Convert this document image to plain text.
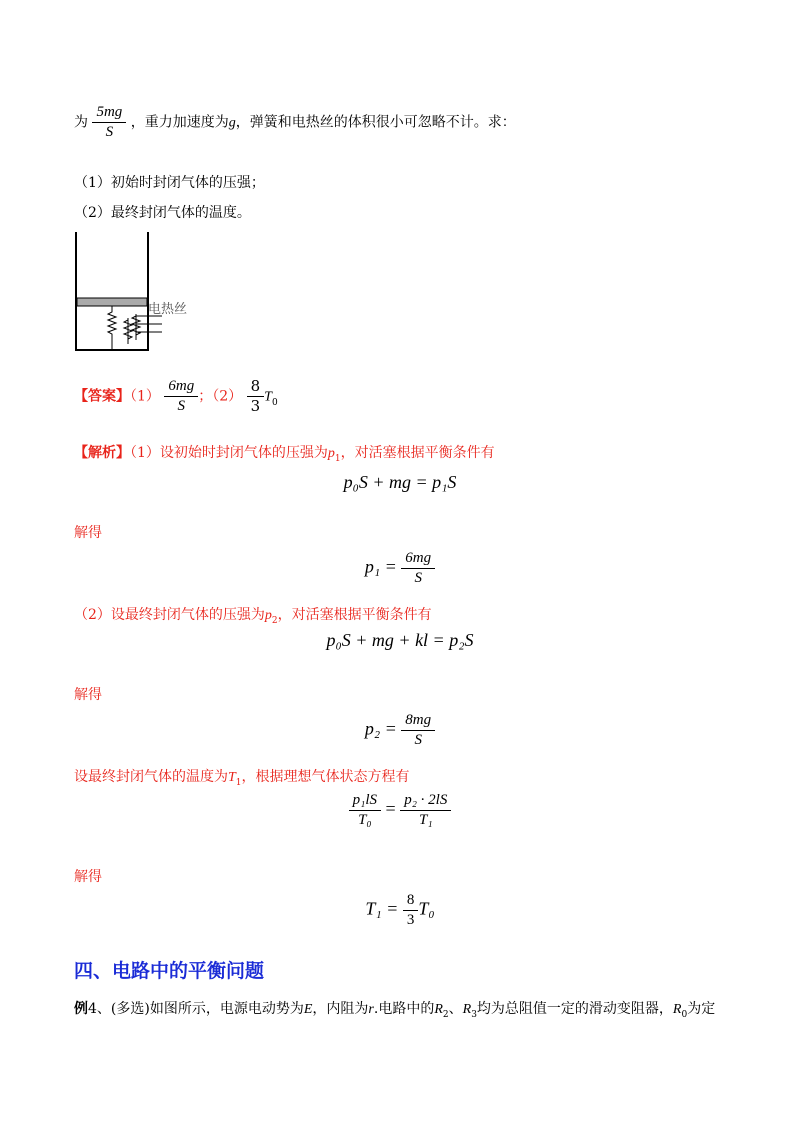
为 $\frac{5mg}{S}$ ，重力加速度为g，弹簧和电热丝的体积很小可忽略不计。求：
（1）初始时封闭气体的压强；
（2）最终封闭气体的温度。
电热丝
【答案】$(1) \frac{6mg}{S}$ ；$(2) \frac{8}{3} T_0$
【解析】（1）设初始时封闭气体的压强为$p_1$，对活塞根据平衡条件有
p₀S + mg = p₁S
解得
$p_1 = \frac{6mg}{S}$
（2）设最终封闭气体的压强为$p_2$，对活塞根据平衡条件有
p₀S + mg + kl = p₂S
解得
$p_2 = \frac{8mg}{S}$
设最终封闭气体的温度为$T_1$，根据理想气体状态方程有
$\frac{\text{p₁lS}}{\text{T₀}} = \frac{\text{p₂ · 2lS}}{\text{T₁}}$
解得
$T_1 = \frac{8}{3} T_0$
四、电路中的平衡问题
例4、(多选)如图所示，电源电动势为E，内阻为r.电路中的$R_2$、$R_3$均为总阻值一定的滑动变阻器，$R_0$为定
